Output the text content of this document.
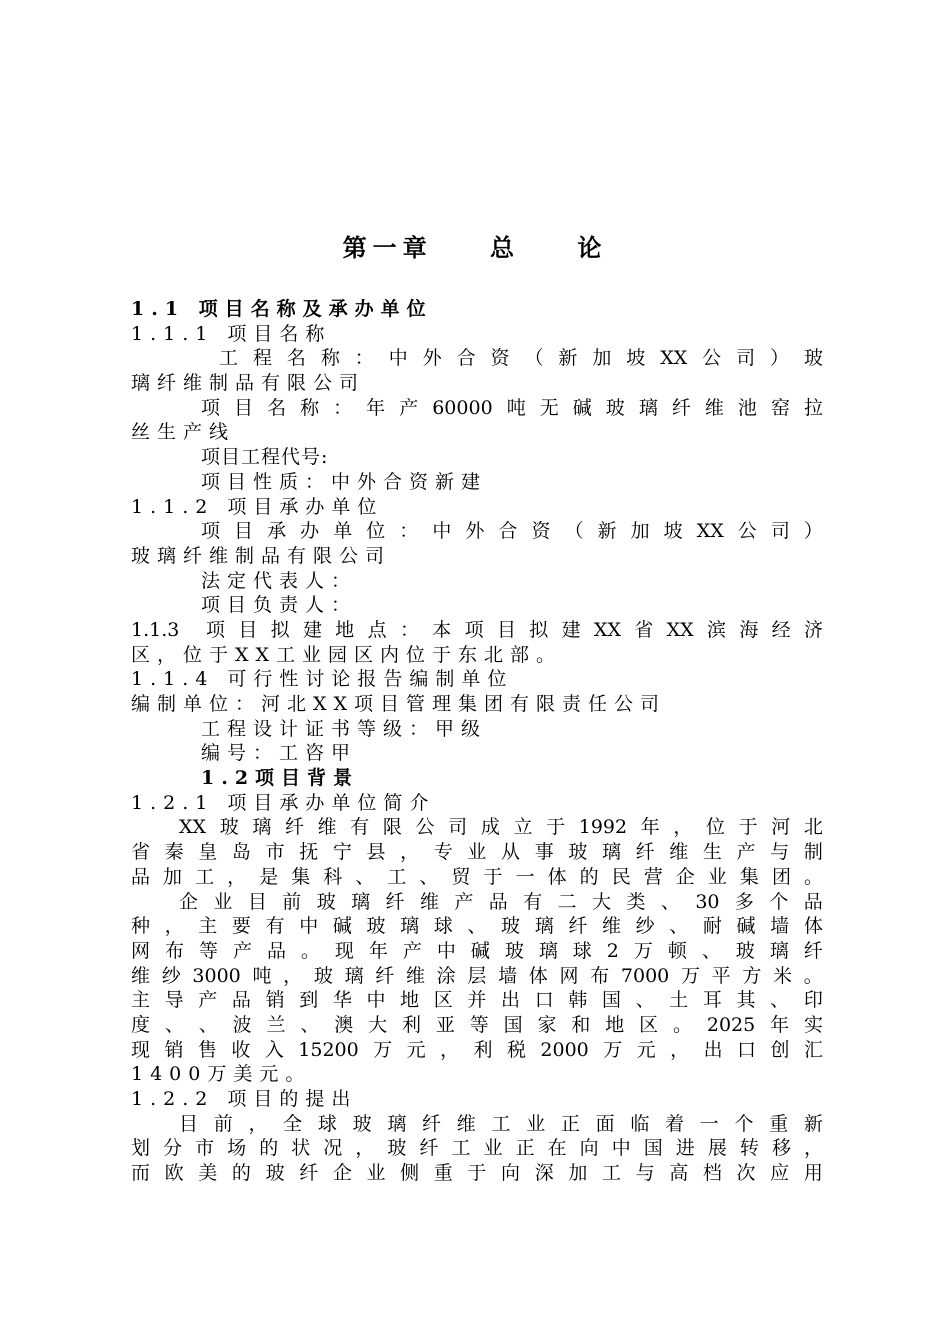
第一章    总    论
1.1 项目名称及承办单位
1.1.1 项目名称
工 程 名 称 ： 中 外 合 资 （ 新 加 坡 XX 公 司 ） 玻
璃纤维制品有限公司
项 目 名 称 ： 年 产 60000 吨 无 碱 玻 璃 纤 维 池 窑 拉
丝生产线
项目工程代号:
项目性质：中外合资新建
1.1.2 项目承办单位
项 目 承 办 单 位 ： 中 外 合 资 （ 新 加 坡 XX 公 司 ）
玻璃纤维制品有限公司
法定代表人：
项目负责人：
1.1.3 项 目 拟 建 地 点 ： 本 项 目 拟 建 XX 省 XX 滨 海 经 济
区，位于XX工业园区内位于东北部。
1.1.4 可行性讨论报告编制单位
编制单位：河北XX项目管理集团有限责任公司
工程设计证书等级：甲级
编号：工咨甲
1.2项目背景
1.2.1 项目承办单位简介
XX 玻 璃 纤 维 有 限 公 司 成 立 于 1992 年 ， 位 于 河 北
省 秦 皇 岛 市 抚 宁 县 ， 专 业 从 事 玻 璃 纤 维 生 产 与 制
品 加 工 ， 是 集 科 、 工 、 贸 于 一 体 的 民 营 企 业 集 团 。
企 业 目 前 玻 璃 纤 维 产 品 有 二 大 类 、 30 多 个 品
种 ， 主 要 有 中 碱 玻 璃 球 、 玻 璃 纤 维 纱 、 耐 碱 墙 体
网 布 等 产 品 。 现 年 产 中 碱 玻 璃 球 2 万 顿 、 玻 璃 纤
维 纱 3000 吨 ， 玻 璃 纤 维 涂 层 墙 体 网 布 7000 万 平 方 米 。
主 导 产 品 销 到 华 中 地 区 并 出 口 韩 国 、 土 耳 其 、 印
度 、 、 波 兰 、 澳 大 利 亚 等 国 家 和 地 区 。 2025 年 实
现 销 售 收 入 15200 万 元 ， 利 税 2000 万 元 ， 出 口 创 汇
1400万美元。
1.2.2 项目的提出
目 前 ， 全 球 玻 璃 纤 维 工 业 正 面 临 着 一 个 重 新
划 分 市 场 的 状 况 ， 玻 纤 工 业 正 在 向 中 国 进 展 转 移 ，
而 欧 美 的 玻 纤 企 业 侧 重 于 向 深 加 工 与 高 档 次 应 用
